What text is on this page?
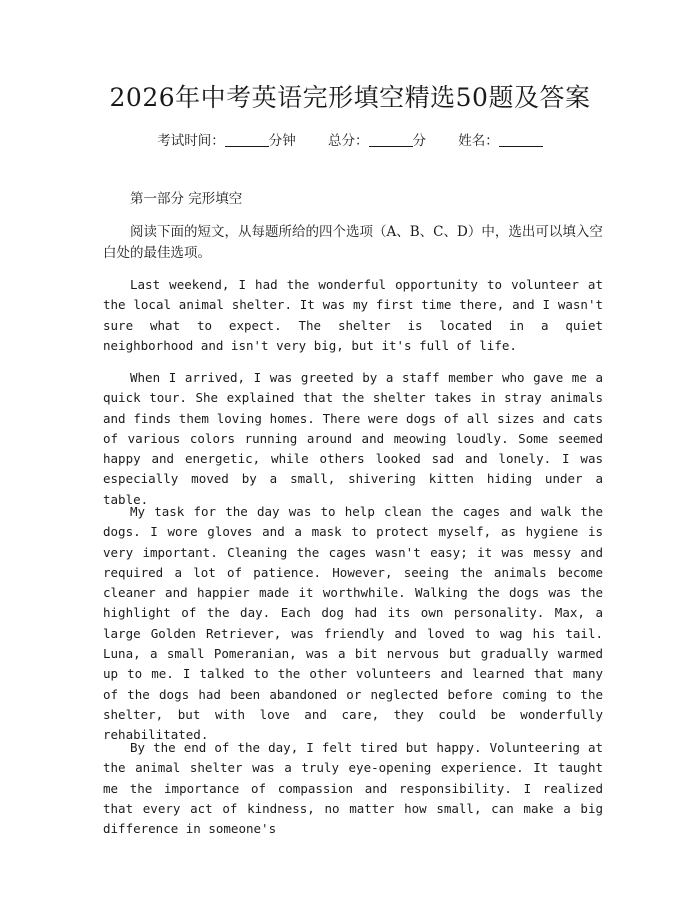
2026年中考英语完形填空精选50题及答案
考试时间：	分钟 总分：	分 姓名：
第一部分 完形填空
阅读下面的短文，从每题所给的四个选项（A、B、C、D）中，选出可以填入空白处的最佳选项。
Last weekend, I had the wonderful opportunity to volunteer at the local animal shelter. It was my first time there, and I wasn't sure what to expect. The shelter is located in a quiet neighborhood and isn't very big, but it's full of life.
When I arrived, I was greeted by a staff member who gave me a quick tour. She explained that the shelter takes in stray animals and finds them loving homes. There were dogs of all sizes and cats of various colors running around and meowing loudly. Some seemed happy and energetic, while others looked sad and lonely. I was especially moved by a small, shivering kitten hiding under a table.
My task for the day was to help clean the cages and walk the dogs. I wore gloves and a mask to protect myself, as hygiene is very important. Cleaning the cages wasn't easy; it was messy and required a lot of patience. However, seeing the animals become cleaner and happier made it worthwhile. Walking the dogs was the highlight of the day. Each dog had its own personality. Max, a large Golden Retriever, was friendly and loved to wag his tail. Luna, a small Pomeranian, was a bit nervous but gradually warmed up to me. I talked to the other volunteers and learned that many of the dogs had been abandoned or neglected before coming to the shelter, but with love and care, they could be wonderfully rehabilitated.
By the end of the day, I felt tired but happy. Volunteering at the animal shelter was a truly eye-opening experience. It taught me the importance of compassion and responsibility. I realized that every act of kindness, no matter how small, can make a big difference in someone's
